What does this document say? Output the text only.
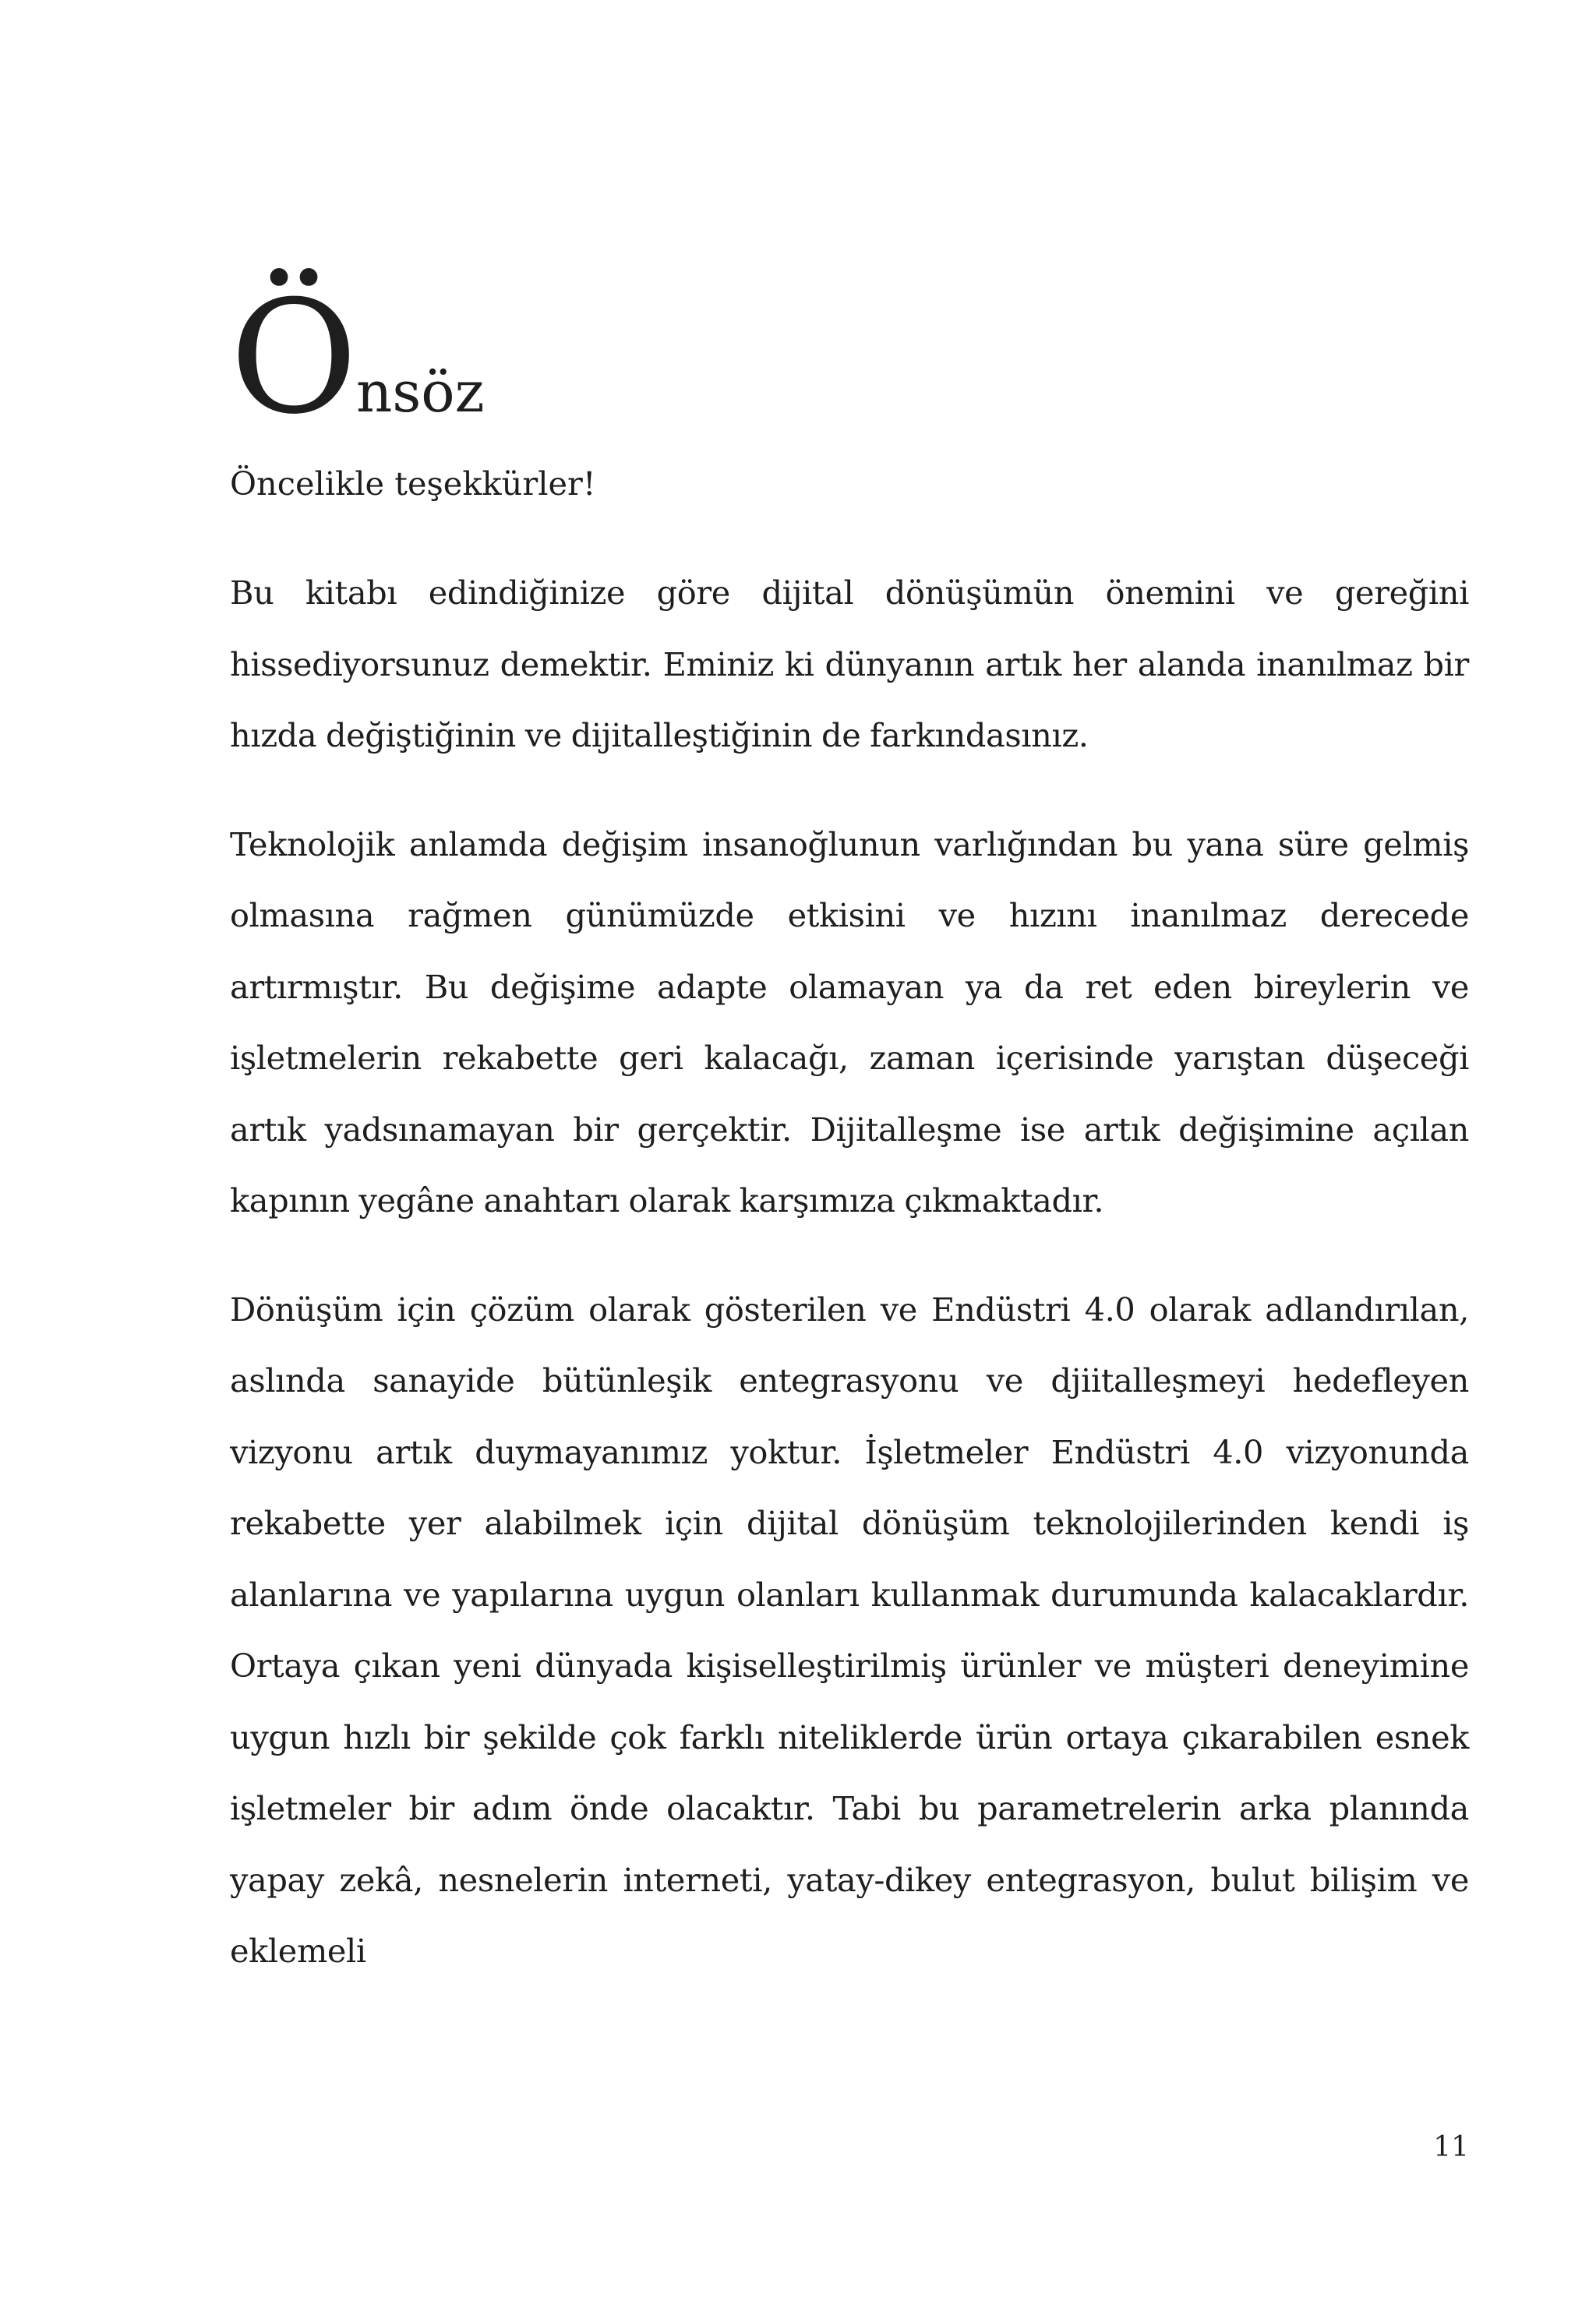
Önsöz

Öncelikle teşekkürler!

Bu kitabı edindiğinize göre dijital dönüşümün önemini ve gereğini hissediyorsunuz demektir. Eminiz ki dünyanın artık her alanda inanılmaz bir hızda değiştiğinin ve dijitalleştiğinin de farkındasınız.

Teknolojik anlamda değişim insanoğlunun varlığından bu yana süre gelmiş olmasına rağmen günümüzde etkisini ve hızını inanılmaz derecede artırmıştır. Bu değişime adapte olamayan ya da ret eden bireylerin ve işletmelerin rekabette geri kalacağı, zaman içerisinde yarıştan düşeceği artık yadsınamayan bir gerçektir. Dijitalleşme ise artık değişimine açılan kapının yegâne anahtarı olarak karşımıza çıkmaktadır.

Dönüşüm için çözüm olarak gösterilen ve Endüstri 4.0 olarak adlandırılan, aslında sanayide bütünleşik entegrasyonu ve djiitalleşmeyi hedefleyen vizyonu artık duymayanımız yoktur. İşletmeler Endüstri 4.0 vizyonunda rekabette yer alabilmek için dijital dönüşüm teknolojilerinden kendi iş alanlarına ve yapılarına uygun olanları kullanmak durumunda kalacaklardır. Ortaya çıkan yeni dünyada kişiselleştirilmiş ürünler ve müşteri deneyimine uygun hızlı bir şekilde çok farklı niteliklerde ürün ortaya çıkarabilen esnek işletmeler bir adım önde olacaktır. Tabi bu parametrelerin arka planında yapay zekâ, nesnelerin interneti, yatay-dikey entegrasyon, bulut bilişim ve eklemeli

11
